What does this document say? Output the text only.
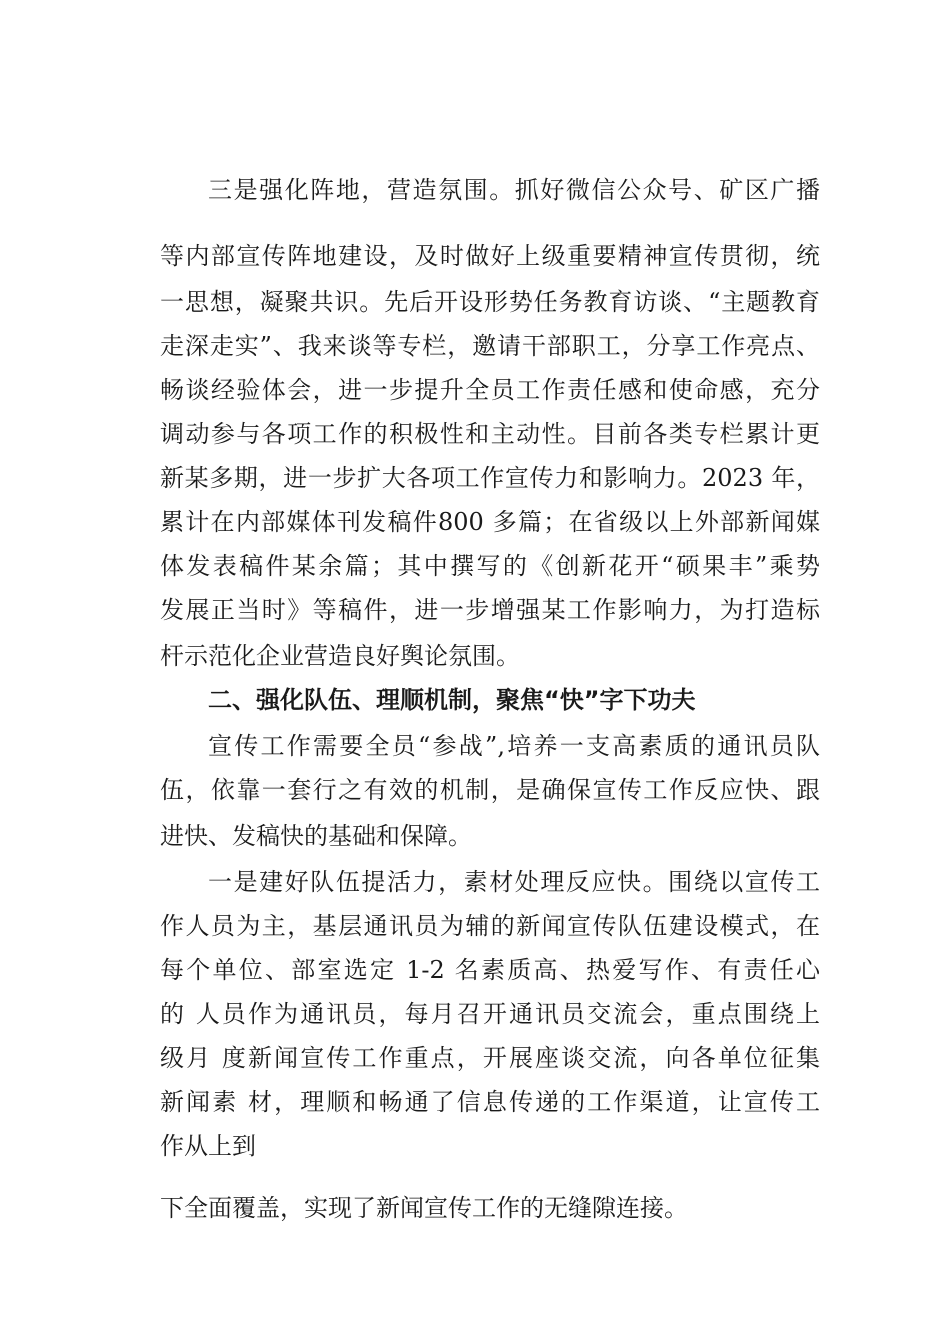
三是强化阵地，营造氛围。抓好微信公众号、矿区广播
等内部宣传阵地建设，及时做好上级重要精神宣传贯彻，统
一思想，凝聚共识。先后开设形势任务教育访谈、“主题教育
走深走实”、我来谈等专栏，邀请干部职工，分享工作亮点、
畅谈经验体会，进一步提升全员工作责任感和使命感，充分
调动参与各项工作的积极性和主动性。目前各类专栏累计更
新某多期，进一步扩大各项工作宣传力和影响力。2023 年，
累计在内部媒体刊发稿件800 多篇；在省级以上外部新闻媒
体发表稿件某余篇；其中撰写的《创新花开“硕果丰”乘势
发展正当时》等稿件，进一步增强某工作影响力，为打造标
杆示范化企业营造良好舆论氛围。
二、强化队伍、理顺机制，聚焦“快”字下功夫
宣传工作需要全员“参战”,培养一支高素质的通讯员队
伍，依靠一套行之有效的机制，是确保宣传工作反应快、跟
进快、发稿快的基础和保障。
一是建好队伍提活力，素材处理反应快。围绕以宣传工
作人员为主，基层通讯员为辅的新闻宣传队伍建设模式，在
每个单位、部室选定 1-2 名素质高、热爱写作、有责任心
的 人员作为通讯员，每月召开通讯员交流会，重点围绕上
级月 度新闻宣传工作重点，开展座谈交流，向各单位征集
新闻素 材，理顺和畅通了信息传递的工作渠道，让宣传工
作从上到
下全面覆盖，实现了新闻宣传工作的无缝隙连接。
